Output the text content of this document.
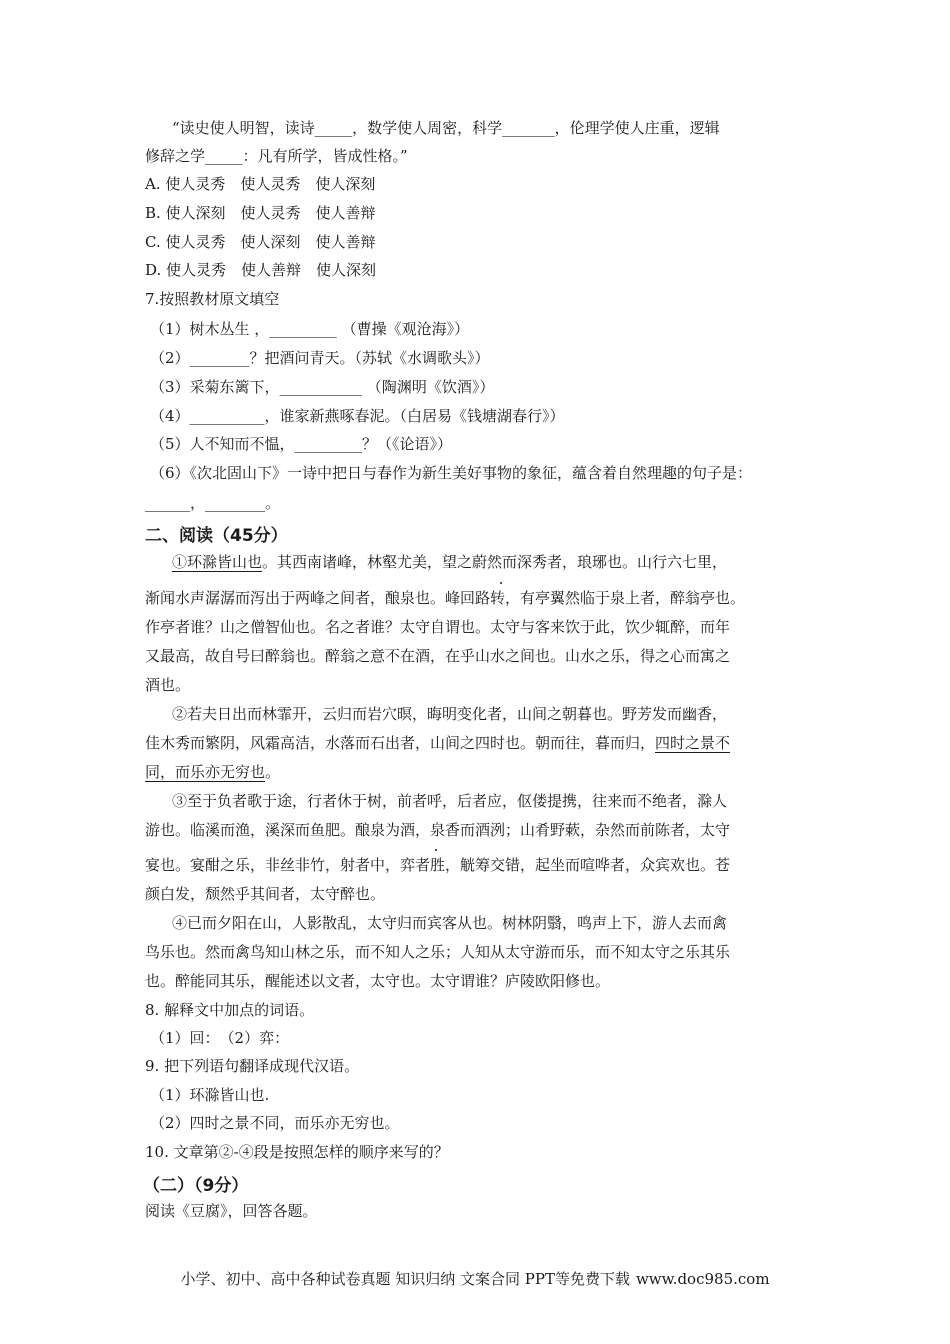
“读史使人明智，读诗_____，数学使人周密，科学_______，伦理学使人庄重，逻辑
修辞之学_____：凡有所学，皆成性格。”
A. 使人灵秀　使人灵秀　使人深刻
B. 使人深刻　使人灵秀　使人善辩
C. 使人灵秀　使人深刻　使人善辩
D. 使人灵秀　使人善辩　使人深刻
7.按照教材原文填空
（1）树木丛生 ，_________ （曹操《观沧海》）
（2）________？把酒问青天。（苏轼《水调歌头》）
（3）采菊东篱下，___________ （陶渊明《饮酒》）
（4）__________，谁家新燕啄春泥。（白居易《钱塘湖春行》）
（5）人不知而不愠，_________？（《论语》）
（6）《次北固山下》一诗中把日与春作为新生美好事物的象征，蕴含着自然理趣的句子是：
______，________。
二、阅读（45分）
①环滁皆山也。其西南诸峰，林壑尤美，望之蔚然而深秀者，琅琊也。山行六七里，
渐闻水声潺潺而泻出于两峰之间者，酿泉也。峰回路转，有亭翼然临于泉上者，醉翁亭也。
作亭者谁？山之僧智仙也。名之者谁？太守自谓也。太守与客来饮于此，饮少辄醉，而年
又最高，故自号曰醉翁也。醉翁之意不在酒，在乎山水之间也。山水之乐，得之心而寓之
酒也。
②若夫日出而林霏开，云归而岩穴暝，晦明变化者，山间之朝暮也。野芳发而幽香，
佳木秀而繁阴，风霜高洁，水落而石出者，山间之四时也。朝而往，暮而归，四时之景不
同，而乐亦无穷也。
③至于负者歌于途，行者休于树，前者呼，后者应，伛偻提携，往来而不绝者，滁人
游也。临溪而渔，溪深而鱼肥。酿泉为酒，泉香而酒洌；山肴野蔌，杂然而前陈者，太守
宴也。宴酣之乐，非丝非竹，射者中，弈者胜，觥筹交错，起坐而喧哗者，众宾欢也。苍
颜白发，颓然乎其间者，太守醉也。
④已而夕阳在山，人影散乱，太守归而宾客从也。树林阴翳，鸣声上下，游人去而禽
鸟乐也。然而禽鸟知山林之乐，而不知人之乐；人知从太守游而乐，而不知太守之乐其乐
也。醉能同其乐，醒能述以文者，太守也。太守谓谁？庐陵欧阳修也。
8. 解释文中加点的词语。
（1）回：　（2）弈：
9. 把下列语句翻译成现代汉语。
（1）环滁皆山也.
（2）四时之景不同，而乐亦无穷也。
10. 文章第②-④段是按照怎样的顺序来写的？
（二）（9分）
阅读《豆腐》，回答各题。
小学、初中、高中各种试卷真题 知识归纳 文案合同 PPT等免费下载 www.doc985.com
